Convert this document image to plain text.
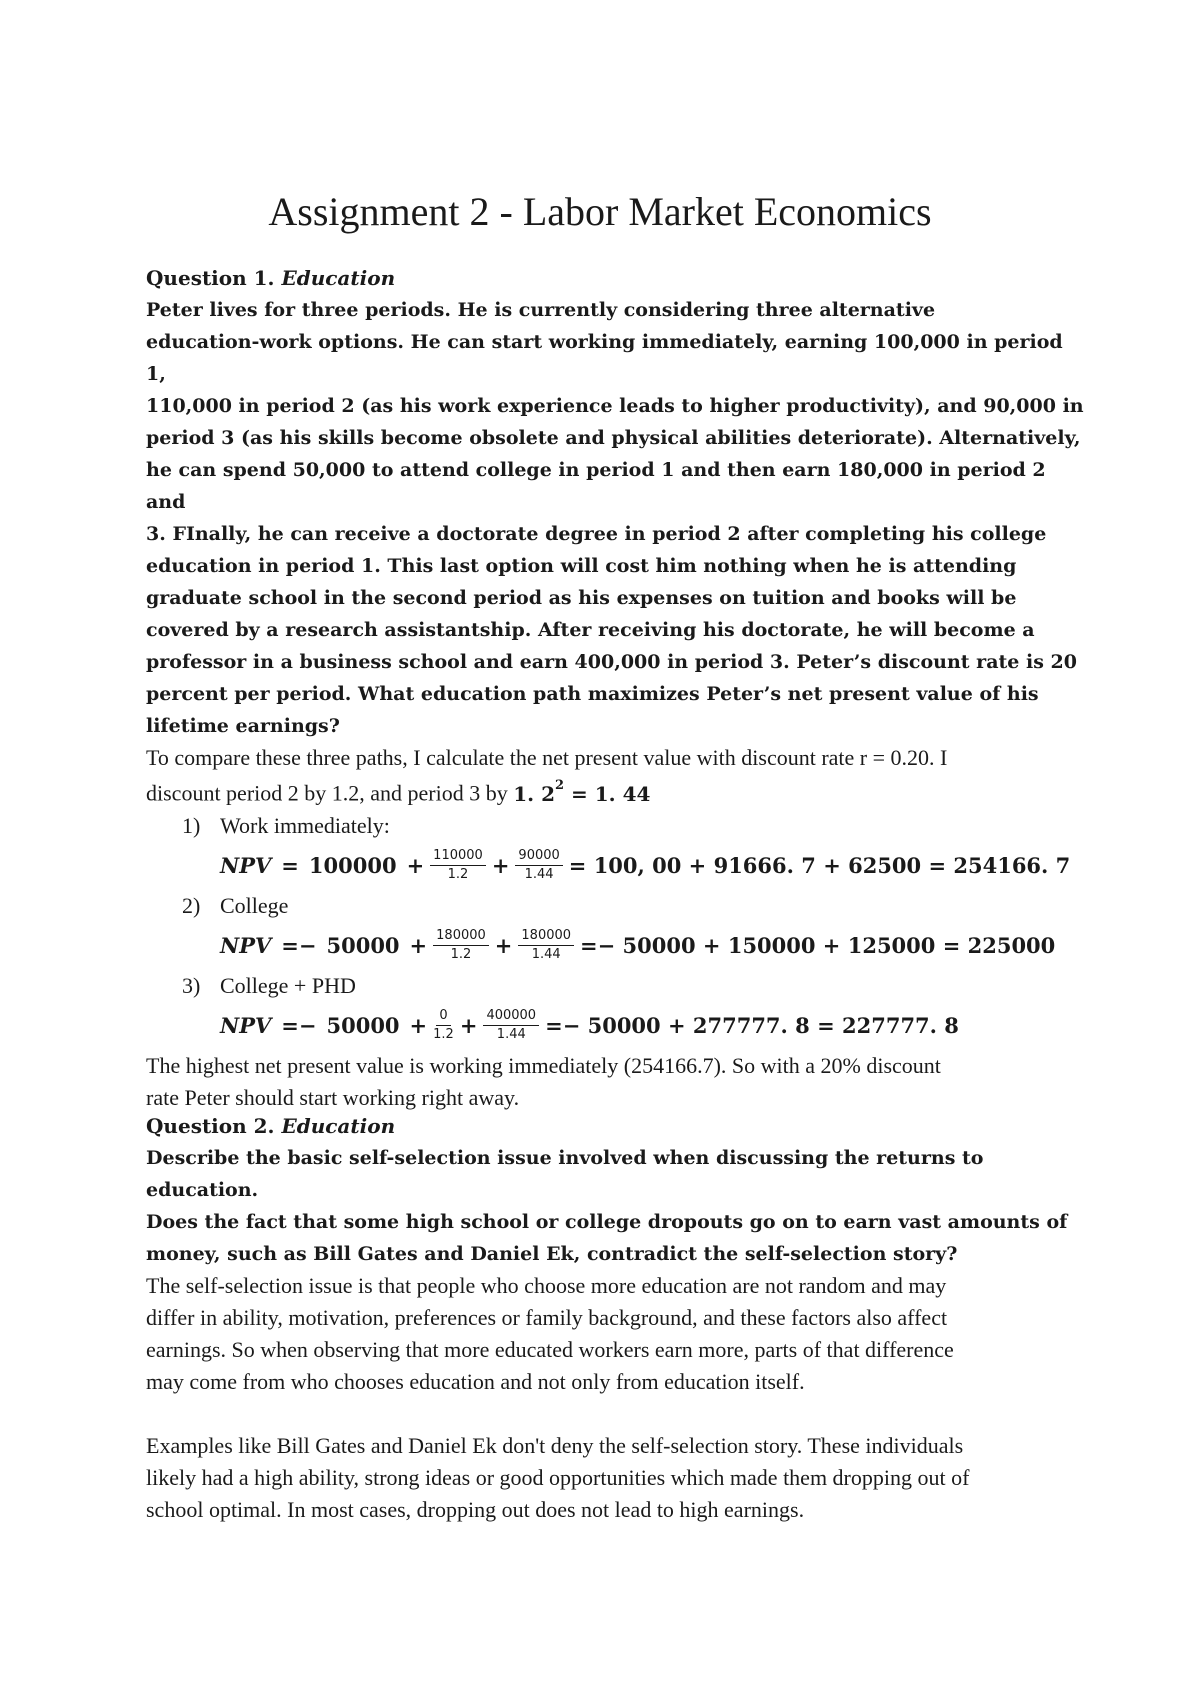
Assignment 2 - Labor Market Economics
Question 1. Education
Peter lives for three periods. He is currently considering three alternative
education-work options. He can start working immediately, earning 100,000 in period 1,
110,000 in period 2 (as his work experience leads to higher productivity), and 90,000 in
period 3 (as his skills become obsolete and physical abilities deteriorate). Alternatively,
he can spend 50,000 to attend college in period 1 and then earn 180,000 in period 2 and
3. FInally, he can receive a doctorate degree in period 2 after completing his college
education in period 1. This last option will cost him nothing when he is attending
graduate school in the second period as his expenses on tuition and books will be
covered by a research assistantship. After receiving his doctorate, he will become a
professor in a business school and earn 400,000 in period 3. Peter’s discount rate is 20
percent per period. What education path maximizes Peter’s net present value of his
lifetime earnings?
To compare these three paths, I calculate the net present value with discount rate r = 0.20. I
discount period 2 by 1.2, and period 3 by 1. $2^2 = 1$. 44
1) Work immediately:
NPV = $100000 + \frac{110000}{1.2} + \frac{90000}{1.44} = 100$, 00 + 91666. 7 + 62500 = 254166. 7
2) College
NPV =− $50000 + \frac{180000}{1.2} + \frac{180000}{1.44} =- 50000 + 150000 + 125000 = 225000$
3) College + PHD
NPV =− $50000 + \frac{0}{1.2} + \frac{400000}{1.44} =- 50000 + 277777$. 8 = 227777. 8
The highest net present value is working immediately (254166.7). So with a 20% discount
rate Peter should start working right away.
Question 2. Education
Describe the basic self-selection issue involved when discussing the returns to education.
Does the fact that some high school or college dropouts go on to earn vast amounts of
money, such as Bill Gates and Daniel Ek, contradict the self-selection story?
The self-selection issue is that people who choose more education are not random and may
differ in ability, motivation, preferences or family background, and these factors also affect
earnings. So when observing that more educated workers earn more, parts of that difference
may come from who chooses education and not only from education itself.
Examples like Bill Gates and Daniel Ek don't deny the self-selection story. These individuals
likely had a high ability, strong ideas or good opportunities which made them dropping out of
school optimal. In most cases, dropping out does not lead to high earnings.
